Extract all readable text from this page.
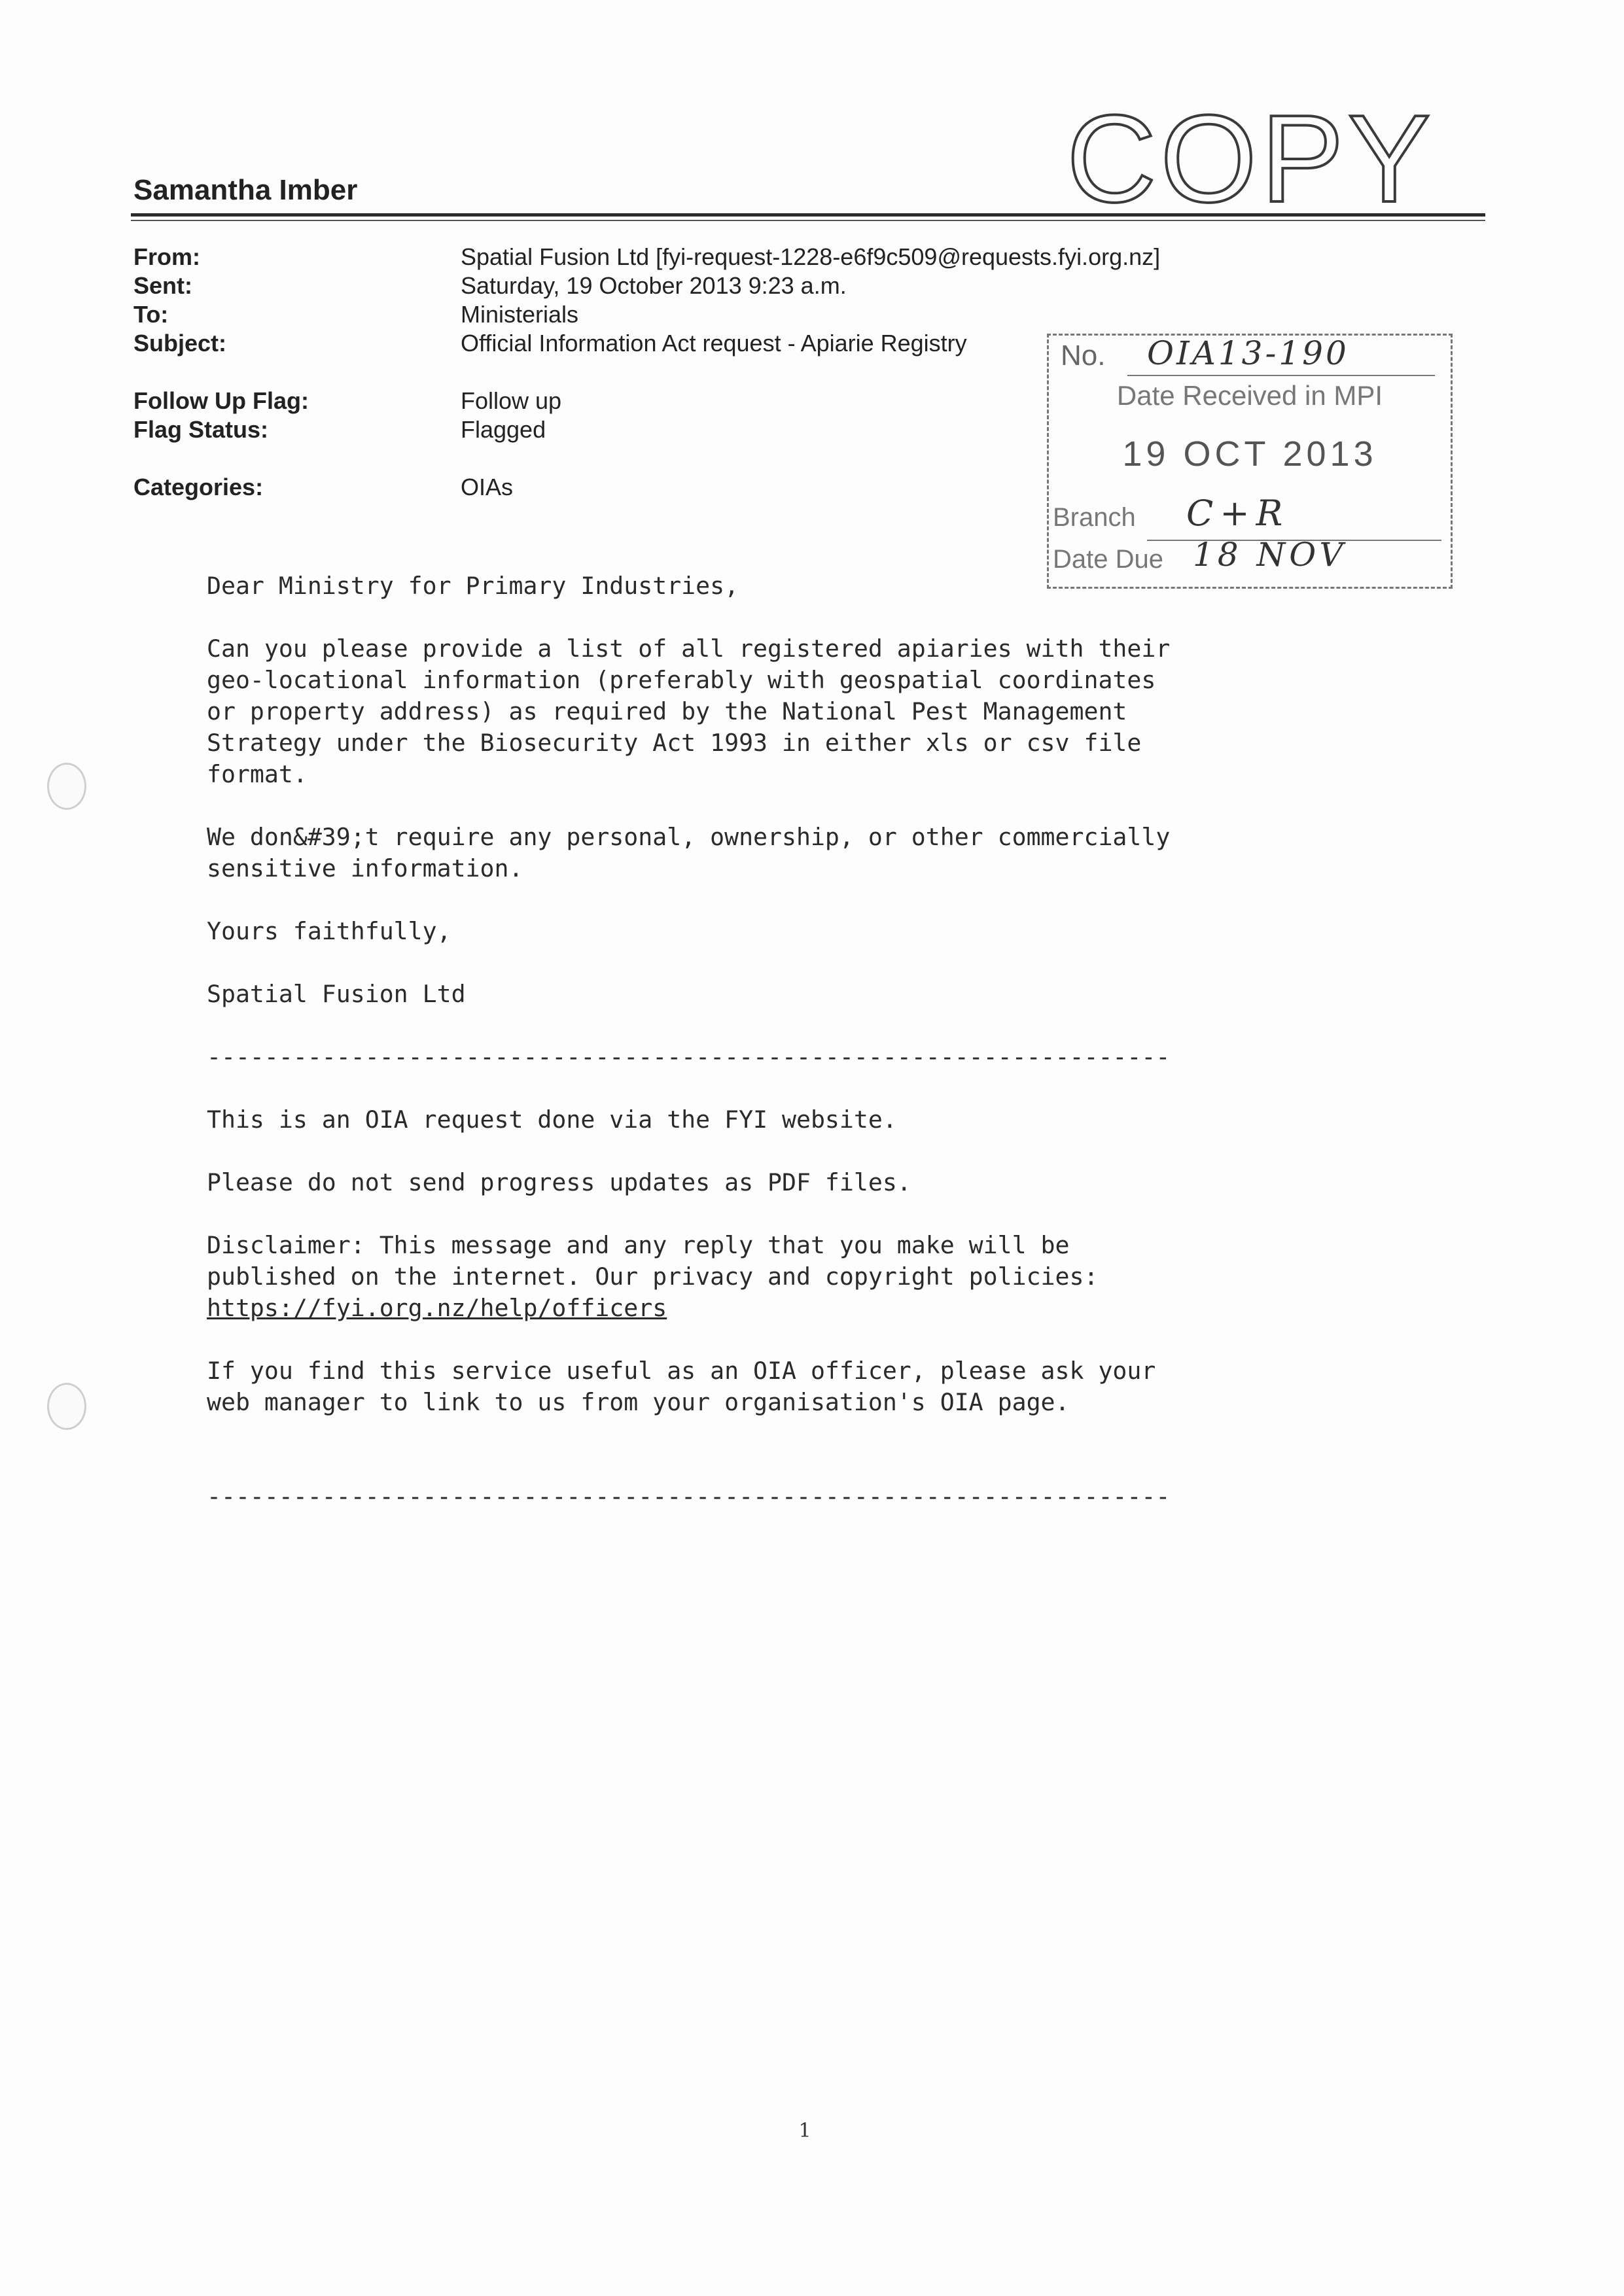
COPY
Samantha Imber
From:	Spatial Fusion Ltd [fyi-request-1228-e6f9c509@requests.fyi.org.nz]
Sent:	Saturday, 19 October 2013 9:23 a.m.
To:	Ministerials
Subject:	Official Information Act request - Apiarie Registry
Follow Up Flag:	Follow up
Flag Status:	Flagged
Categories:	OIAs
No. OIA13-190
Date Received in MPI
19 OCT 2013
Branch C+R
Date Due 18 NOV

Dear Ministry for Primary Industries,

Can you please provide a list of all registered apiaries with their
geo-locational information (preferably with geospatial coordinates
or property address) as required by the National Pest Management
Strategy under the Biosecurity Act 1993 in either xls or csv file
format.

We don&#39;t require any personal, ownership, or other commercially
sensitive information.

Yours faithfully,

Spatial Fusion Ltd

-------------------------------------------------------------------

This is an OIA request done via the FYI website.

Please do not send progress updates as PDF files.

Disclaimer: This message and any reply that you make will be
published on the internet. Our privacy and copyright policies:

https://fyi.org.nz/help/officers

If you find this service useful as an OIA officer, please ask your
web manager to link to us from your organisation's OIA page.

-------------------------------------------------------------------
1
